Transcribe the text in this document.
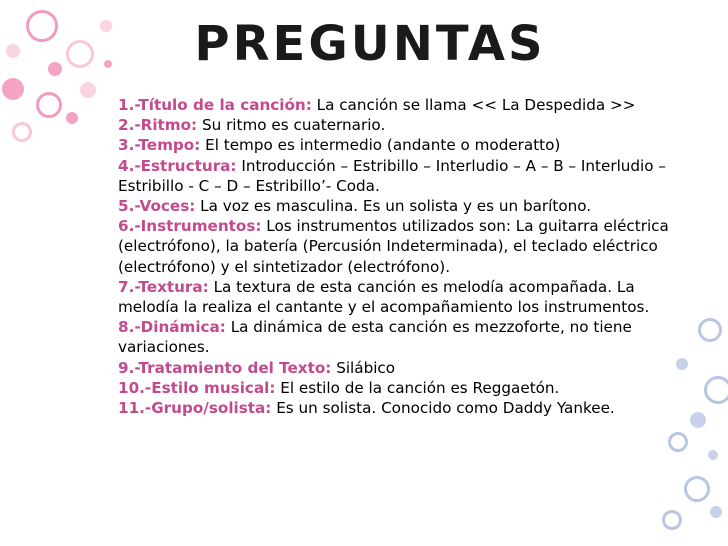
PREGUNTAS

1.-Título de la canción: La canción se llama << La Despedida >>

2.-Ritmo: Su ritmo es cuaternario.

3.-Tempo: El tempo es intermedio (andante o moderatto)

4.-Estructura: Introducción – Estribillo – Interludio – A – B – Interludio – Estribillo - C – D – Estribillo’- Coda.

5.-Voces: La voz es masculina. Es un solista y es un barítono.

6.-Instrumentos: Los instrumentos utilizados son: La guitarra eléctrica (electrófono), la batería (Percusión Indeterminada), el teclado eléctrico (electrófono) y el sintetizador (electrófono).

7.-Textura: La textura de esta canción es melodía acompañada. La melodía la realiza el cantante y el acompañamiento los instrumentos.

8.-Dinámica: La dinámica de esta canción es mezzoforte, no tiene variaciones.

9.-Tratamiento del Texto: Silábico

10.-Estilo musical: El estilo de la canción es Reggaetón.

11.-Grupo/solista: Es un solista. Conocido como Daddy Yankee.
